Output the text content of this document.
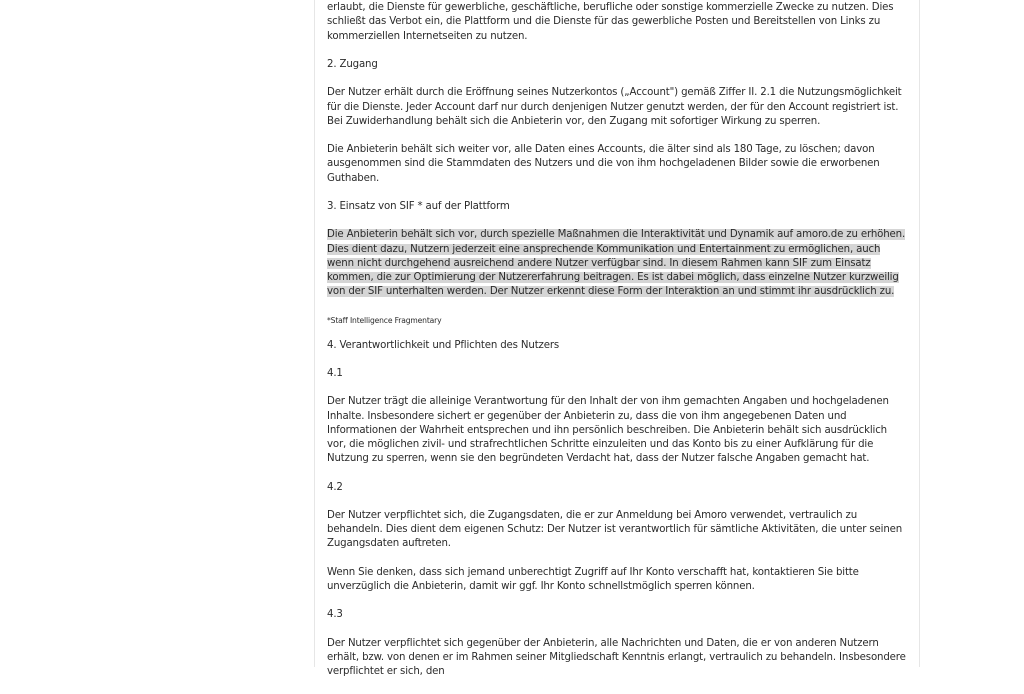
erlaubt, die Dienste für gewerbliche, geschäftliche, berufliche oder sonstige kommerzielle Zwecke zu nutzen. Dies schließt das Verbot ein, die Plattform und die Dienste für das gewerbliche Posten und Bereitstellen von Links zu kommerziellen Internetseiten zu nutzen.

2. Zugang

Der Nutzer erhält durch die Eröffnung seines Nutzerkontos („Account") gemäß Ziffer II. 2.1 die Nutzungsmöglichkeit für die Dienste. Jeder Account darf nur durch denjenigen Nutzer genutzt werden, der für den Account registriert ist. Bei Zuwiderhandlung behält sich die Anbieterin vor, den Zugang mit sofortiger Wirkung zu sperren.

Die Anbieterin behält sich weiter vor, alle Daten eines Accounts, die älter sind als 180 Tage, zu löschen; davon ausgenommen sind die Stammdaten des Nutzers und die von ihm hochgeladenen Bilder sowie die erworbenen Guthaben.

3. Einsatz von SIF * auf der Plattform

Die Anbieterin behält sich vor, durch spezielle Maßnahmen die Interaktivität und Dynamik auf amoro.de zu erhöhen. Dies dient dazu, Nutzern jederzeit eine ansprechende Kommunikation und Entertainment zu ermöglichen, auch wenn nicht durchgehend ausreichend andere Nutzer verfügbar sind. In diesem Rahmen kann SIF zum Einsatz kommen, die zur Optimierung der Nutzererfahrung beitragen. Es ist dabei möglich, dass einzelne Nutzer kurzweilig von der SIF unterhalten werden. Der Nutzer erkennt diese Form der Interaktion an und stimmt ihr ausdrücklich zu.

*Staff Intelligence Fragmentary

4. Verantwortlichkeit und Pflichten des Nutzers

4.1

Der Nutzer trägt die alleinige Verantwortung für den Inhalt der von ihm gemachten Angaben und hochgeladenen Inhalte. Insbesondere sichert er gegenüber der Anbieterin zu, dass die von ihm angegebenen Daten und Informationen der Wahrheit entsprechen und ihn persönlich beschreiben. Die Anbieterin behält sich ausdrücklich vor, die möglichen zivil- und strafrechtlichen Schritte einzuleiten und das Konto bis zu einer Aufklärung für die Nutzung zu sperren, wenn sie den begründeten Verdacht hat, dass der Nutzer falsche Angaben gemacht hat.

4.2

Der Nutzer verpflichtet sich, die Zugangsdaten, die er zur Anmeldung bei Amoro verwendet, vertraulich zu behandeln. Dies dient dem eigenen Schutz: Der Nutzer ist verantwortlich für sämtliche Aktivitäten, die unter seinen Zugangsdaten auftreten.

Wenn Sie denken, dass sich jemand unberechtigt Zugriff auf Ihr Konto verschafft hat, kontaktieren Sie bitte unverzüglich die Anbieterin, damit wir ggf. Ihr Konto schnellstmöglich sperren können.

4.3

Der Nutzer verpflichtet sich gegenüber der Anbieterin, alle Nachrichten und Daten, die er von anderen Nutzern erhält, bzw. von denen er im Rahmen seiner Mitgliedschaft Kenntnis erlangt, vertraulich zu behandeln. Insbesondere verpflichtet er sich, den
